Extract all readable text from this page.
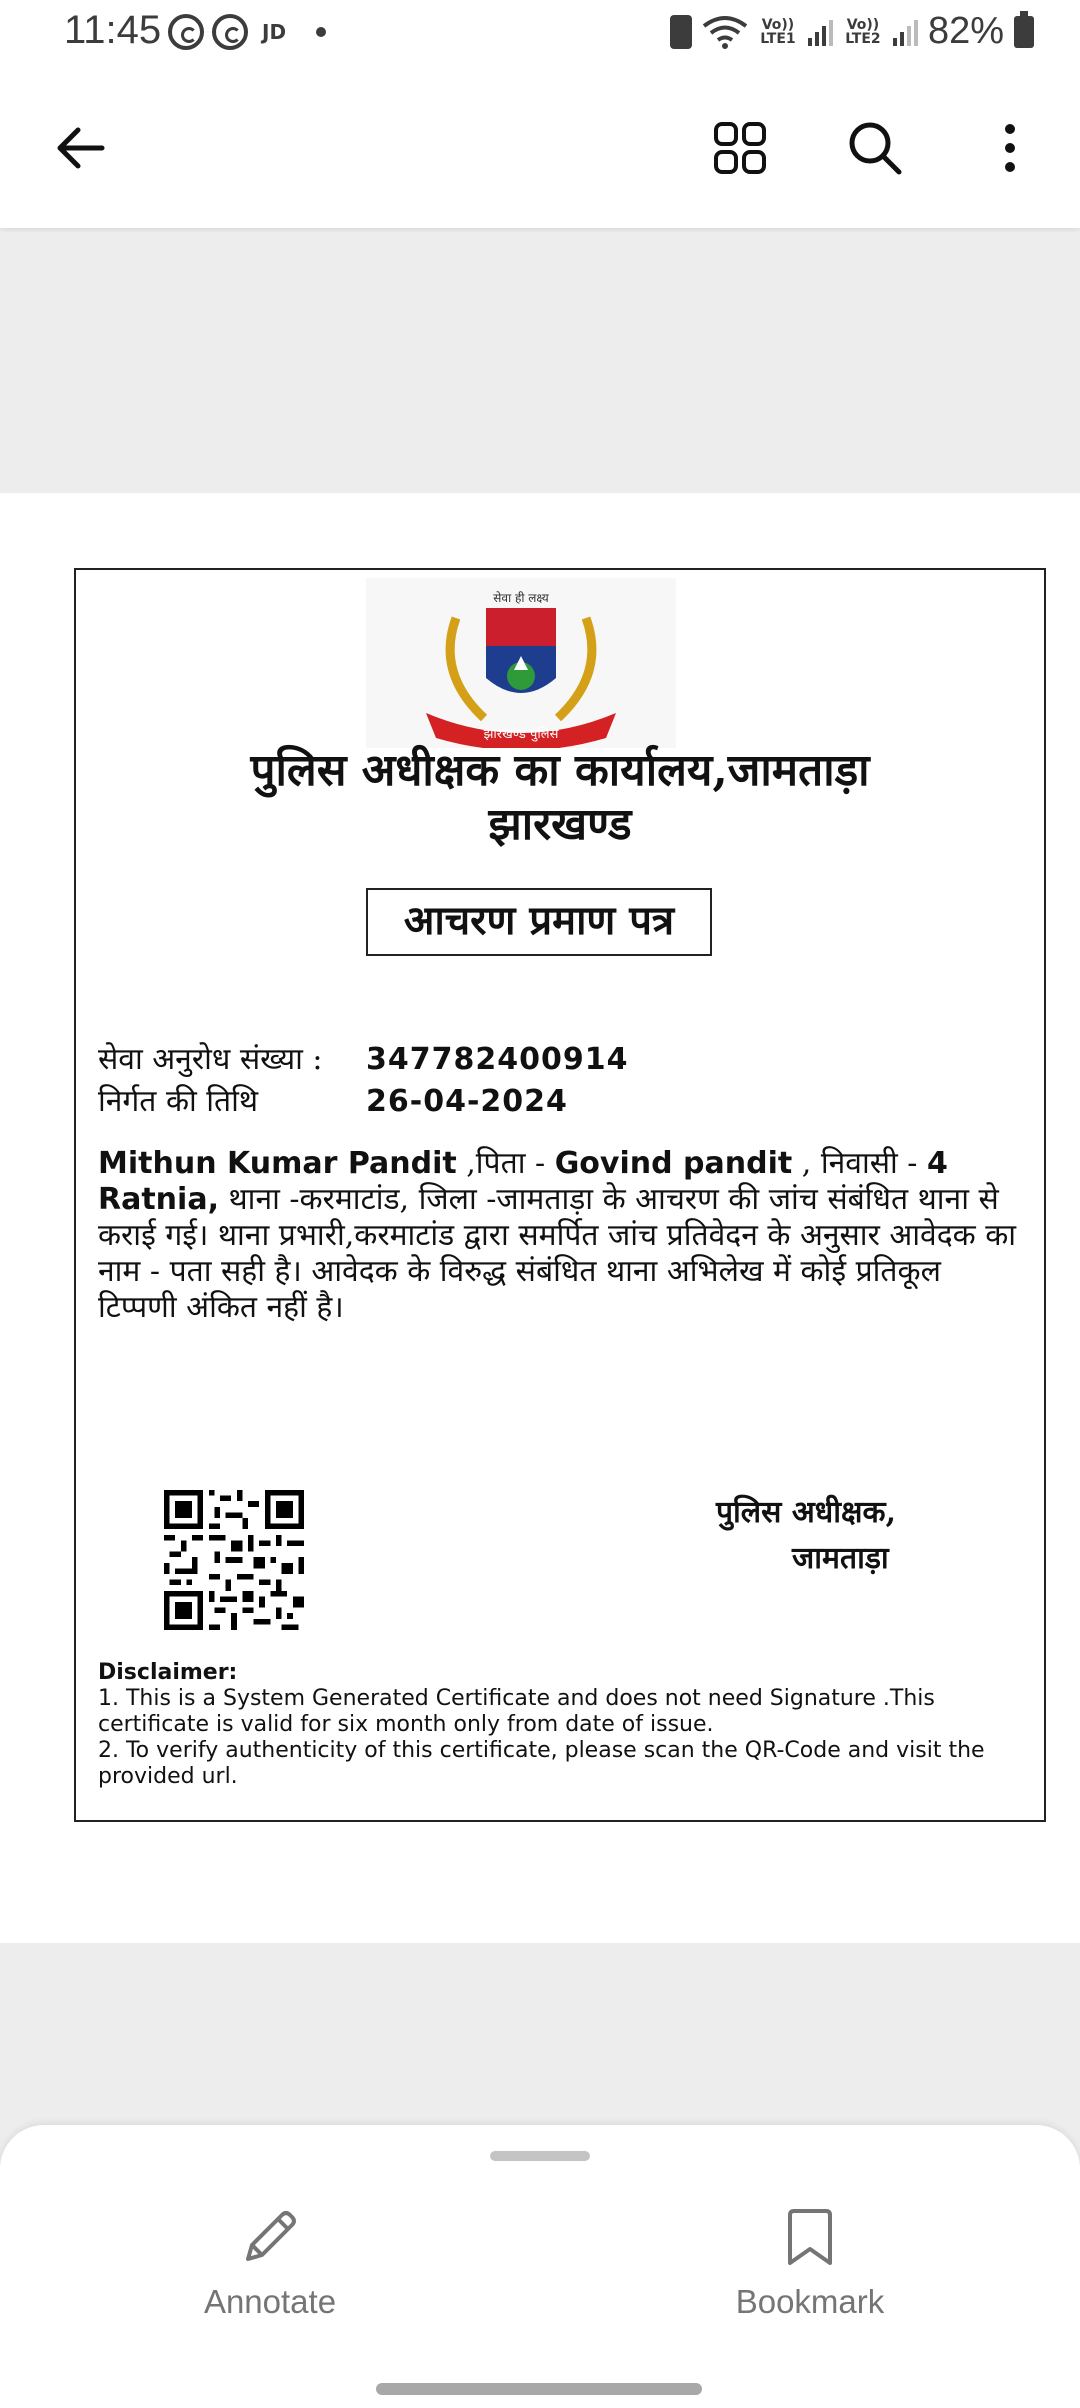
11:45	JD	Vo)) LTE1
Vo)) LTE2 82%
सेवा ही लक्ष्य
झारखण्ड पुलिस
पुलिस अधीक्षक का कार्यालय,जामताड़ा
झारखण्ड
आचरण प्रमाण पत्र
सेवा अनुरोध संख्या :	347782400914
निर्गत की तिथि	26-04-2024
Mithun Kumar Pandit ,पिता - Govind pandit , निवासी - 4 Ratnia, थाना -करमाटांड, जिला -जामताड़ा के आचरण की जांच संबंधित थाना से कराई गई। थाना प्रभारी,करमाटांड द्वारा समर्पित जांच प्रतिवेदन के अनुसार आवेदक का नाम - पता सही है। आवेदक के विरुद्ध संबंधित थाना अभिलेख में कोई प्रतिकूल टिप्पणी अंकित नहीं है।
पुलिस अधीक्षक,
जामताड़ा
Disclaimer:
1. This is a System Generated Certificate and does not need Signature .This certificate is valid for six month only from date of issue.
2. To verify authenticity of this certificate, please scan the QR-Code and visit the provided url.
Annotate	Bookmark
